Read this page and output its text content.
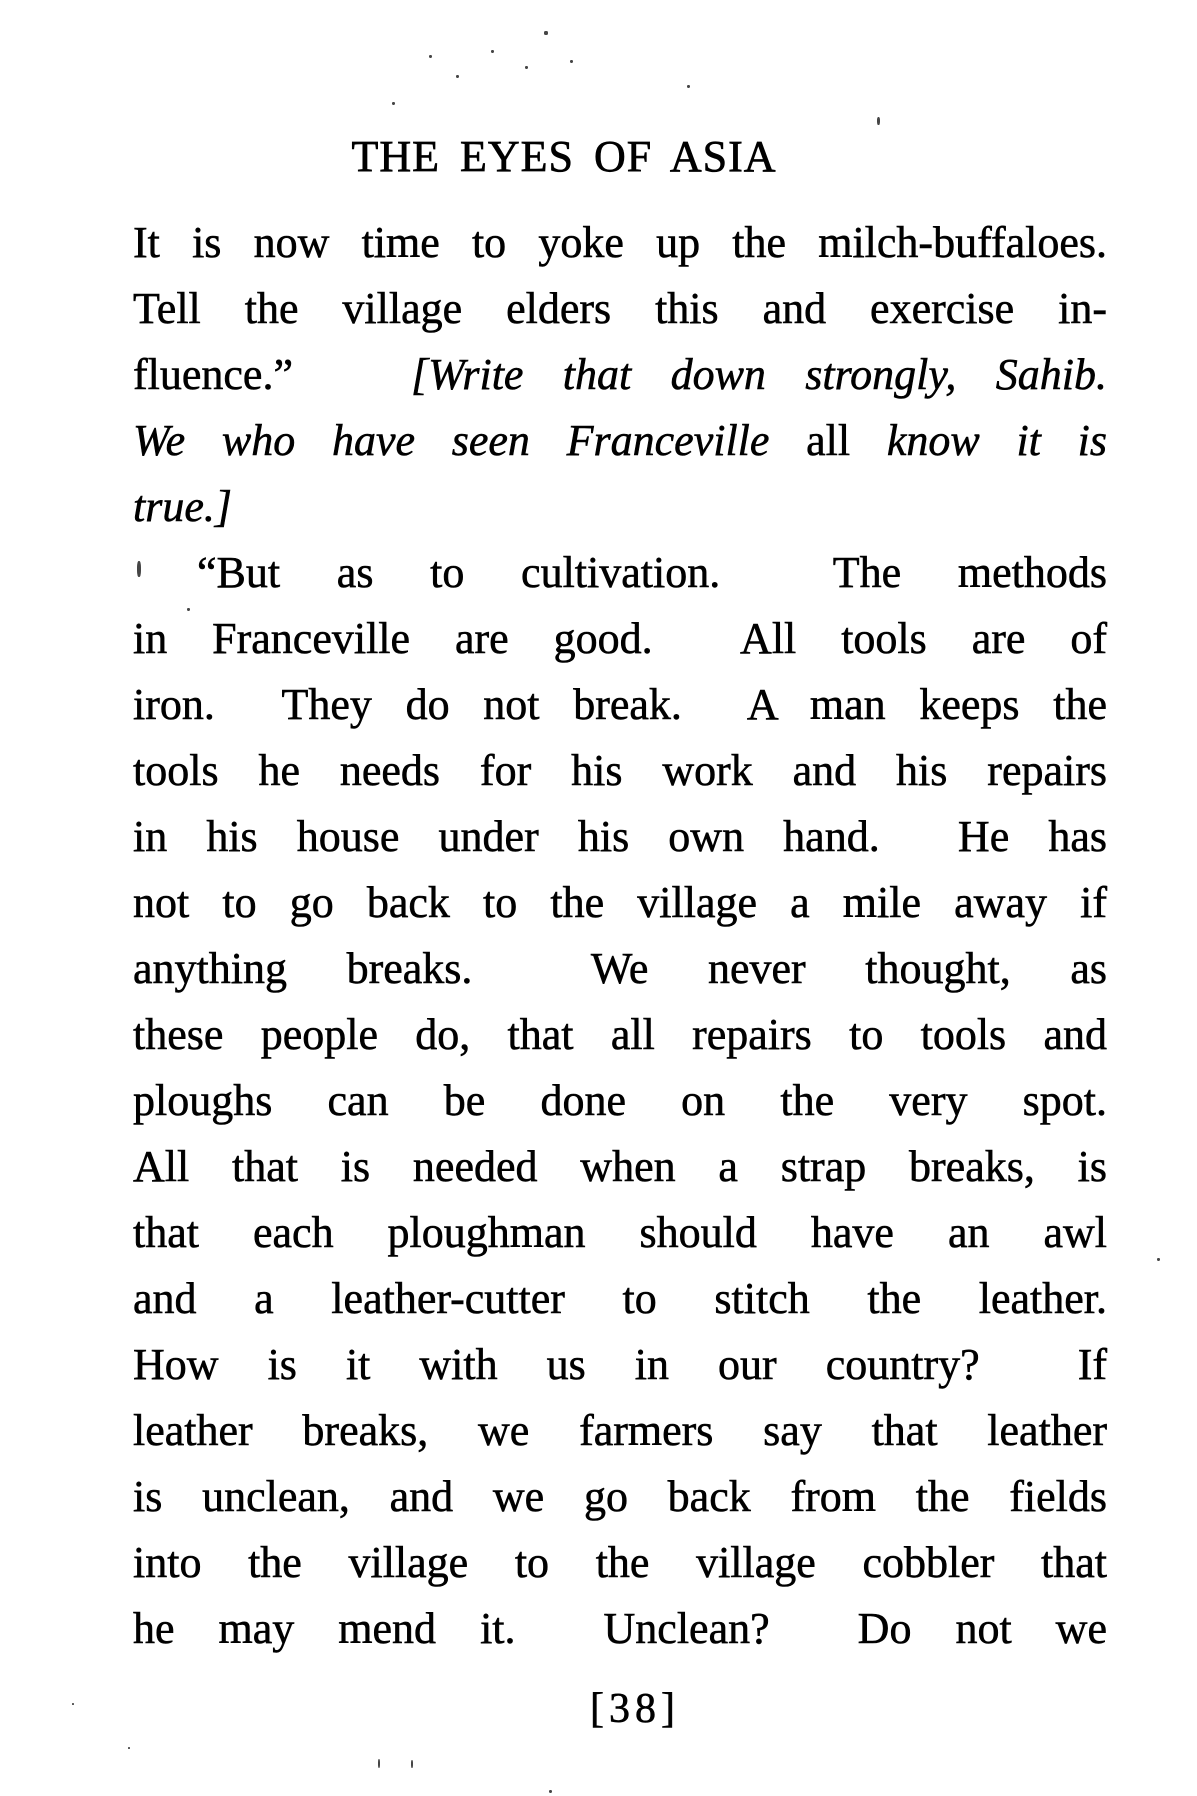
THE EYES OF ASIA
It is now time to yoke up the milch-buffaloes.
Tell the village elders this and exercise in-
fluence.”   [Write that down strongly, Sahib.
We who have seen Franceville all know it is
true.]
“But as to cultivation.  The methods
in Franceville are good.  All tools are of
iron.  They do not break.  A man keeps the
tools he needs for his work and his repairs
in his house under his own hand.  He has
not to go back to the village a mile away if
anything breaks.  We never thought, as
these people do, that all repairs to tools and
ploughs can be done on the very spot.
All that is needed when a strap breaks, is
that each ploughman should have an awl
and a leather-cutter to stitch the leather.
How is it with us in our country?  If
leather breaks, we farmers say that leather
is unclean, and we go back from the fields
into the village to the village cobbler that
he may mend it.  Unclean?  Do not we
[38]
